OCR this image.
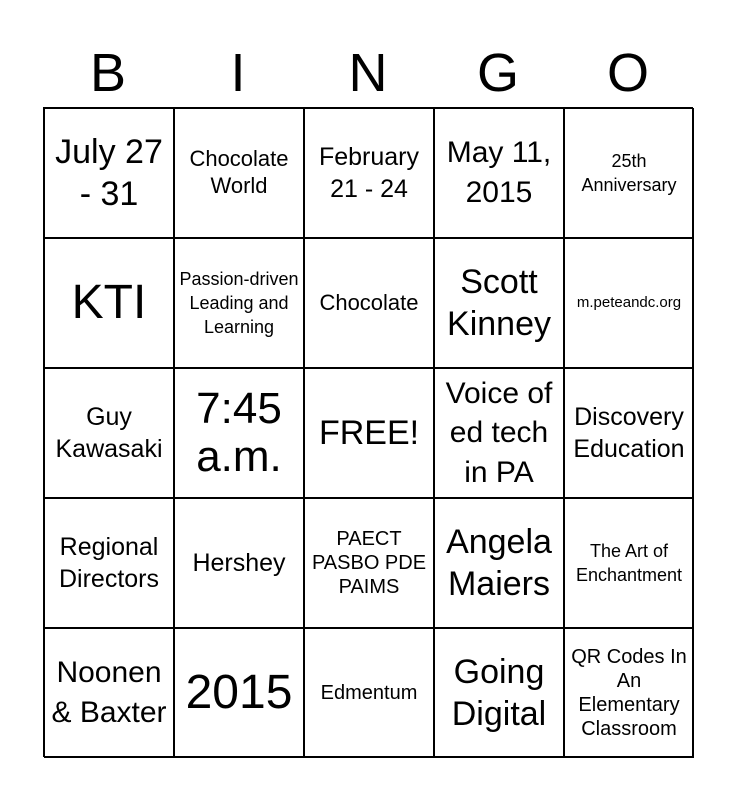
B	I	N	G	O
July 27 - 31
Chocolate World
February 21 - 24
May 11, 2015
25th Anniversary
KTI	Passion-driven Leading and Learning
Chocolate
Scott Kinney
m.peteandc.org
Guy Kawasaki
7:45 a.m.	FREE!
Voice of ed tech in PA
Discovery Education
Regional Directors
Hershey
PAECT PASBO PDE PAIMS
Angela Maiers
The Art of Enchantment
Noonen & Baxter 2015	Edmentum
Going Digital
QR Codes In An Elementary Classroom
